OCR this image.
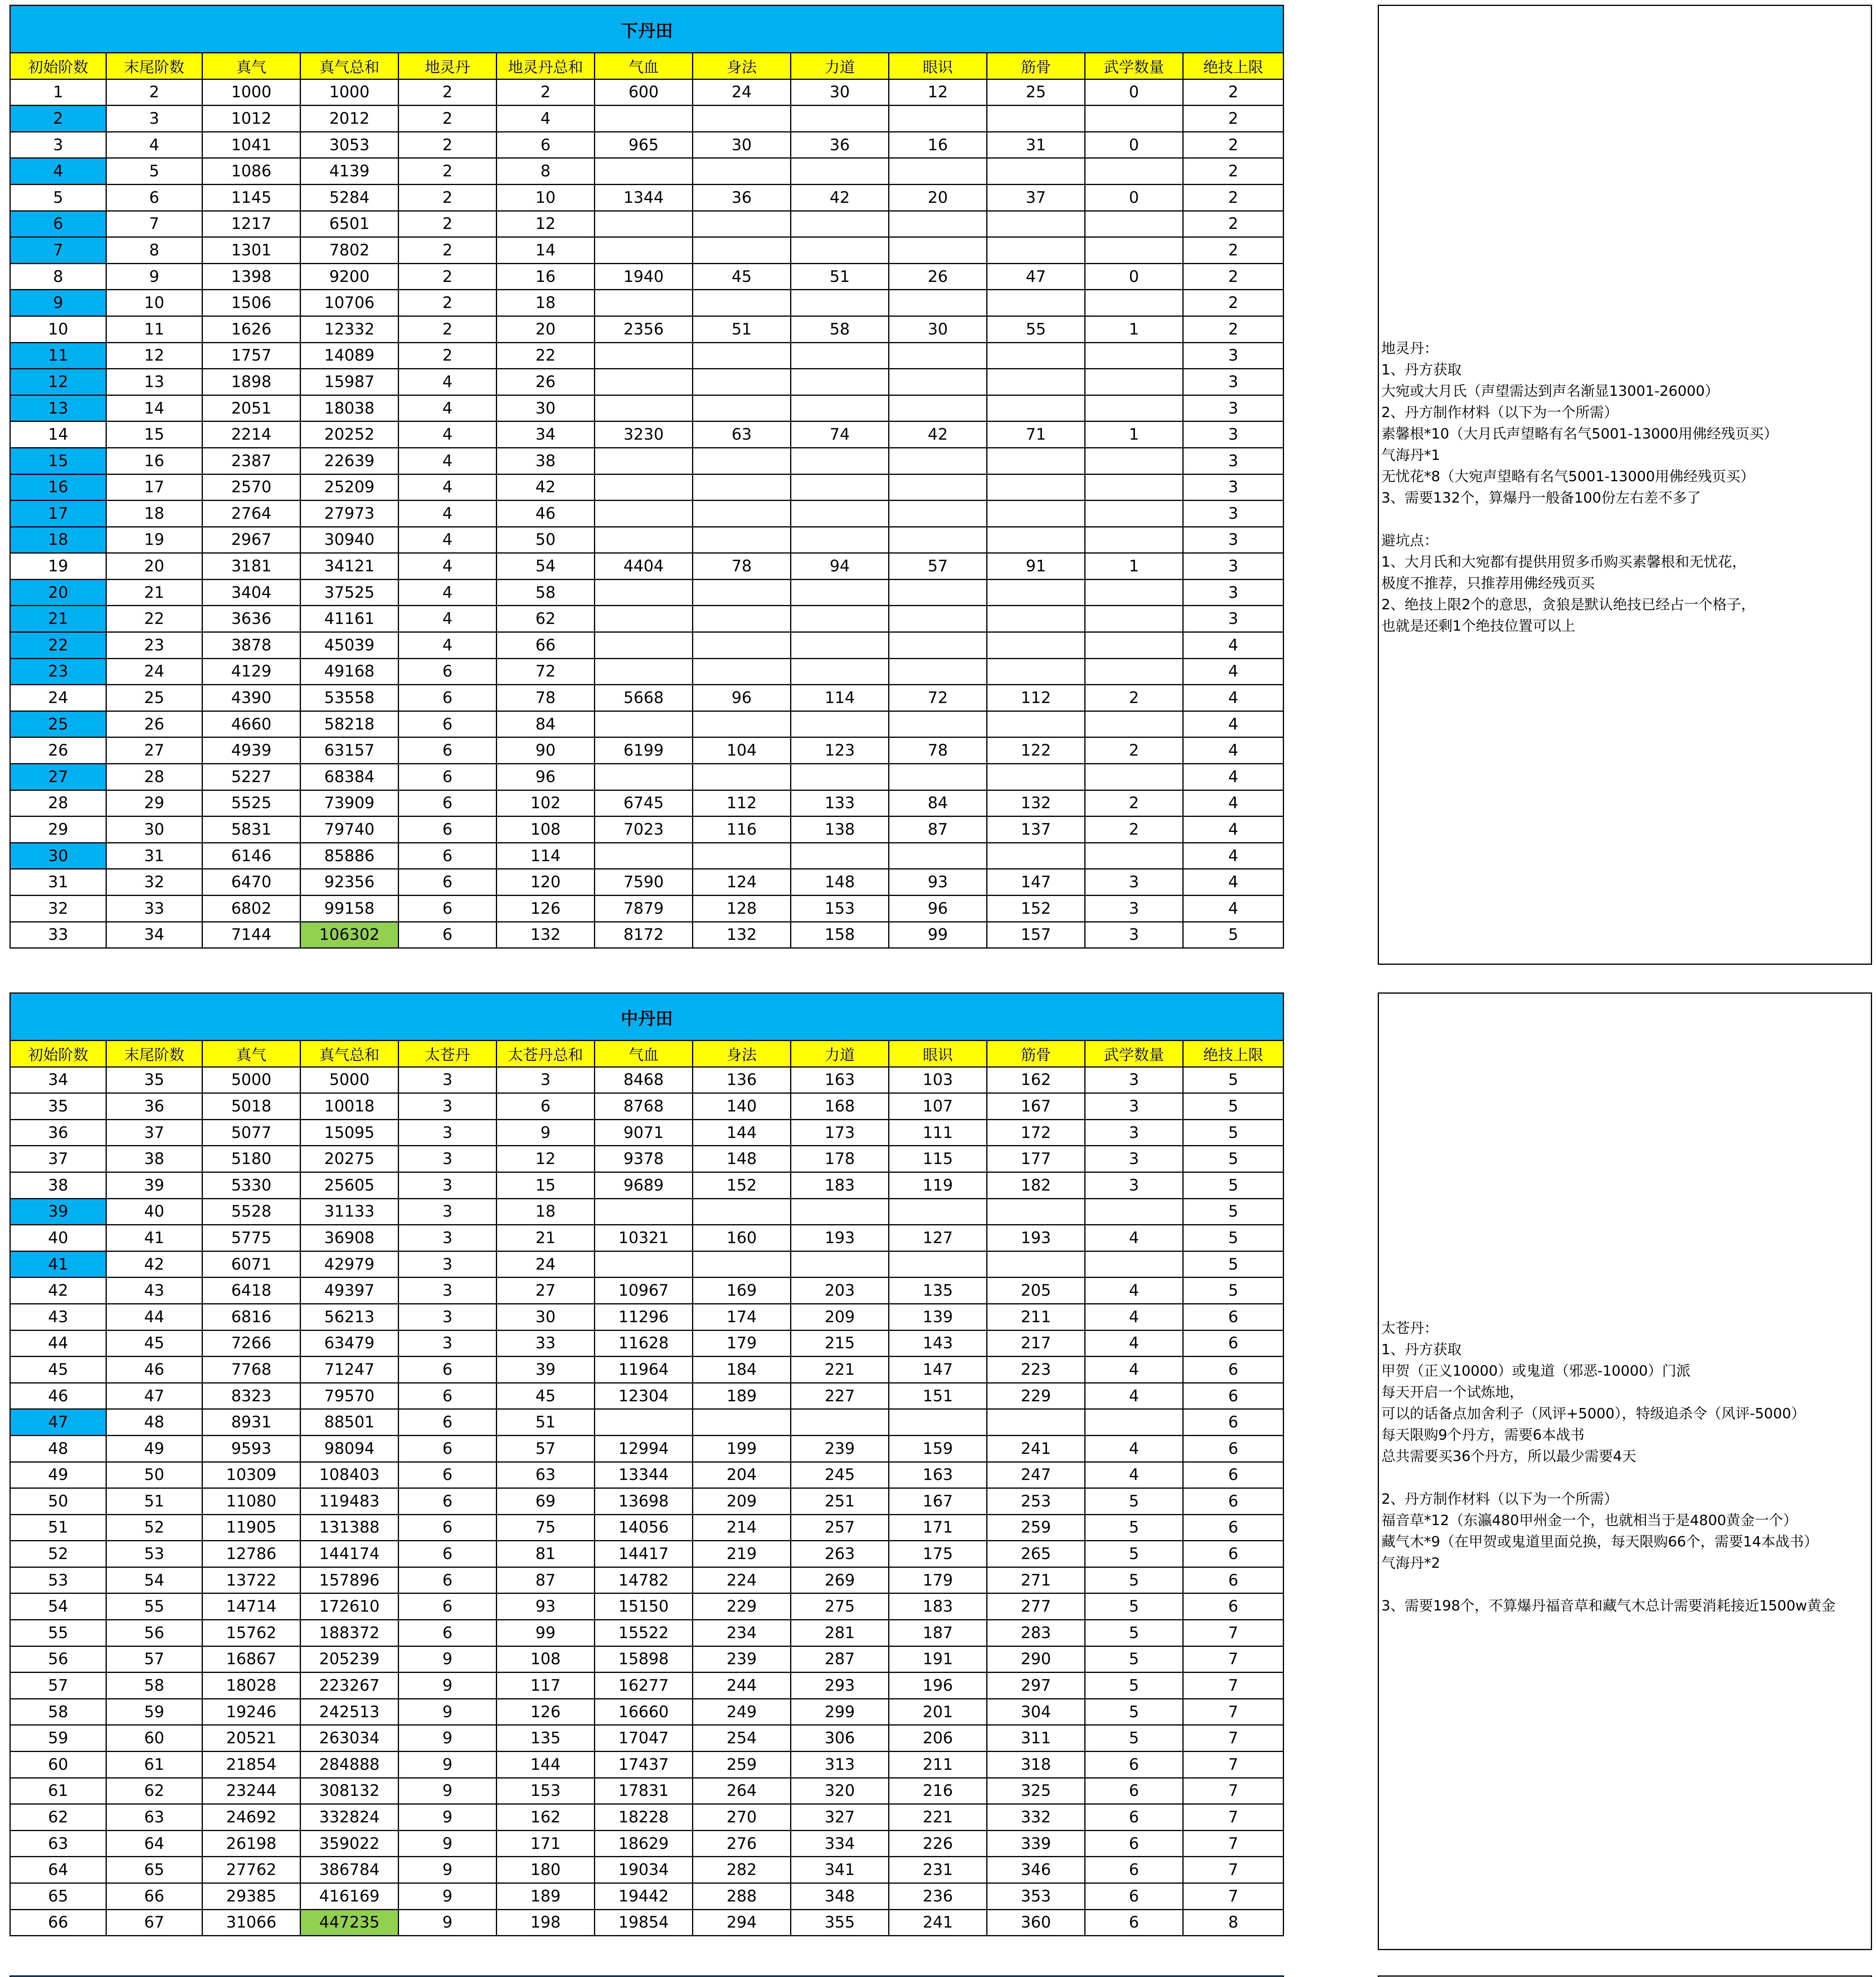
下丹田												
初始阶数	末尾阶数	真气	真气总和	地灵丹	地灵丹总和	气血	身法	力道	眼识	筋骨	武学数量	绝技上限
1	2	1000	1000	2	2	600	24	30	12	25	0	2
2	3	1012	2012	2	4							2
3	4	1041	3053	2	6	965	30	36	16	31	0	2
4	5	1086	4139	2	8							2
5	6	1145	5284	2	10	1344	36	42	20	37	0	2
6	7	1217	6501	2	12							2
7	8	1301	7802	2	14							2
8	9	1398	9200	2	16	1940	45	51	26	47	0	2
9	10	1506	10706	2	18							2
10	11	1626	12332	2	20	2356	51	58	30	55	1	2
11	12	1757	14089	2	22							3
12	13	1898	15987	4	26							3
13	14	2051	18038	4	30							3
14	15	2214	20252	4	34	3230	63	74	42	71	1	3
15	16	2387	22639	4	38							3
16	17	2570	25209	4	42							3
17	18	2764	27973	4	46							3
18	19	2967	30940	4	50							3
19	20	3181	34121	4	54	4404	78	94	57	91	1	3
20	21	3404	37525	4	58							3
21	22	3636	41161	4	62							3
22	23	3878	45039	4	66							4
23	24	4129	49168	6	72							4
24	25	4390	53558	6	78	5668	96	114	72	112	2	4
25	26	4660	58218	6	84							4
26	27	4939	63157	6	90	6199	104	123	78	122	2	4
27	28	5227	68384	6	96							4
28	29	5525	73909	6	102	6745	112	133	84	132	2	4
29	30	5831	79740	6	108	7023	116	138	87	137	2	4
30	31	6146	85886	6	114							4
31	32	6470	92356	6	120	7590	124	148	93	147	3	4
32	33	6802	99158	6	126	7879	128	153	96	152	3	4
33	34	7144	106302	6	132	8172	132	158	99	157	3	5
地灵丹：
1、丹方获取
大宛或大月氏（声望需达到声名渐显13001-26000）
2、丹方制作材料（以下为一个所需）
素馨根*10（大月氏声望略有名气5001-13000用佛经残页买）
气海丹*1
无忧花*8（大宛声望略有名气5001-13000用佛经残页买）
3、需要132个，算爆丹一般备100份左右差不多了

避坑点：
1、大月氏和大宛都有提供用贸多币购买素馨根和无忧花，
极度不推荐，只推荐用佛经残页买
2、绝技上限2个的意思，贪狼是默认绝技已经占一个格子，
也就是还剩1个绝技位置可以上
中丹田												
初始阶数	末尾阶数	真气	真气总和	太苍丹	太苍丹总和	气血	身法	力道	眼识	筋骨	武学数量	绝技上限
34	35	5000	5000	3	3	8468	136	163	103	162	3	5
35	36	5018	10018	3	6	8768	140	168	107	167	3	5
36	37	5077	15095	3	9	9071	144	173	111	172	3	5
37	38	5180	20275	3	12	9378	148	178	115	177	3	5
38	39	5330	25605	3	15	9689	152	183	119	182	3	5
39	40	5528	31133	3	18							5
40	41	5775	36908	3	21	10321	160	193	127	193	4	5
41	42	6071	42979	3	24							5
42	43	6418	49397	3	27	10967	169	203	135	205	4	5
43	44	6816	56213	3	30	11296	174	209	139	211	4	6
44	45	7266	63479	3	33	11628	179	215	143	217	4	6
45	46	7768	71247	6	39	11964	184	221	147	223	4	6
46	47	8323	79570	6	45	12304	189	227	151	229	4	6
47	48	8931	88501	6	51							6
48	49	9593	98094	6	57	12994	199	239	159	241	4	6
49	50	10309	108403	6	63	13344	204	245	163	247	4	6
50	51	11080	119483	6	69	13698	209	251	167	253	5	6
51	52	11905	131388	6	75	14056	214	257	171	259	5	6
52	53	12786	144174	6	81	14417	219	263	175	265	5	6
53	54	13722	157896	6	87	14782	224	269	179	271	5	6
54	55	14714	172610	6	93	15150	229	275	183	277	5	6
55	56	15762	188372	6	99	15522	234	281	187	283	5	7
56	57	16867	205239	9	108	15898	239	287	191	290	5	7
57	58	18028	223267	9	117	16277	244	293	196	297	5	7
58	59	19246	242513	9	126	16660	249	299	201	304	5	7
59	60	20521	263034	9	135	17047	254	306	206	311	5	7
60	61	21854	284888	9	144	17437	259	313	211	318	6	7
61	62	23244	308132	9	153	17831	264	320	216	325	6	7
62	63	24692	332824	9	162	18228	270	327	221	332	6	7
63	64	26198	359022	9	171	18629	276	334	226	339	6	7
64	65	27762	386784	9	180	19034	282	341	231	346	6	7
65	66	29385	416169	9	189	19442	288	348	236	353	6	7
66	67	31066	447235	9	198	19854	294	355	241	360	6	8
太苍丹：
1、丹方获取
甲贺（正义10000）或鬼道（邪恶-10000）门派
每天开启一个试炼地，
可以的话备点加舍利子（风评+5000），特级追杀令（风评-5000）
每天限购9个丹方，需要6本战书
总共需要买36个丹方，所以最少需要4天

2、丹方制作材料（以下为一个所需）
福音草*12（东瀛480甲州金一个，也就相当于是4800黄金一个）
藏气木*9（在甲贺或鬼道里面兑换，每天限购66个，需要14本战书）
气海丹*2

3、需要198个，不算爆丹福音草和藏气木总计需要消耗接近1500w黄金
